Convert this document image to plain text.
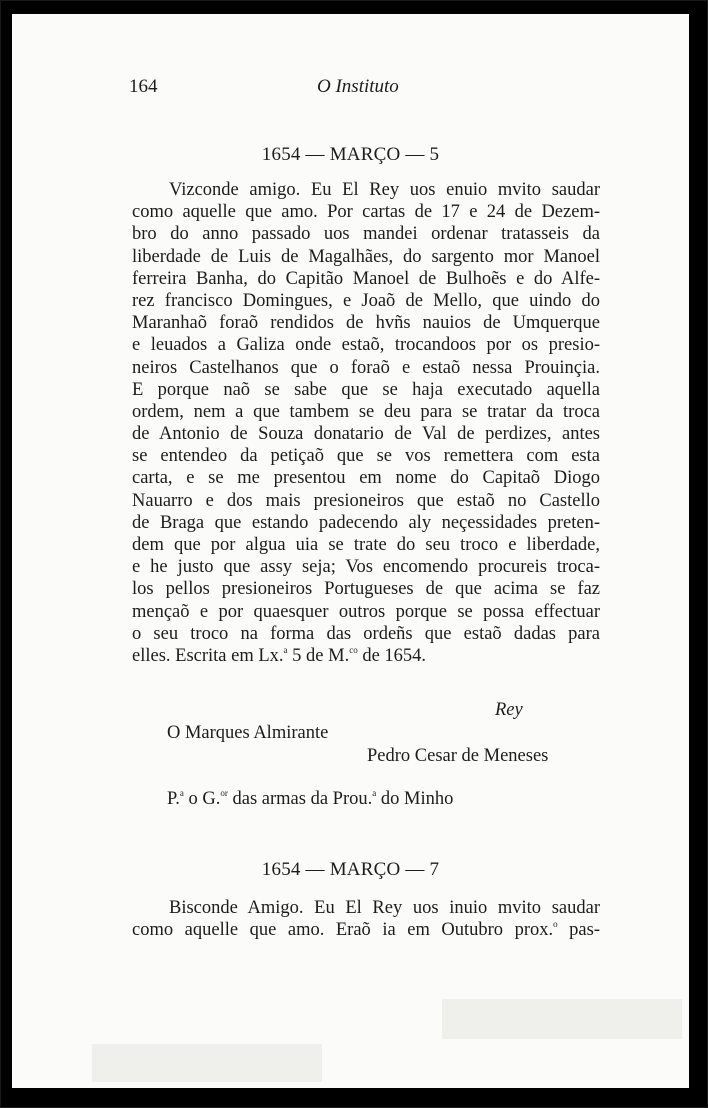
164	O Instituto
1654 — MARÇO — 5
Vizconde amigo. Eu El Rey uos enuio mvito saudar
como aquelle que amo. Por cartas de 17 e 24 de Dezem-
bro do anno passado uos mandei ordenar tratasseis da
liberdade de Luis de Magalhães, do sargento mor Manoel
ferreira Banha, do Capitão Manoel de Bulhoẽs e do Alfe-
rez francisco Domingues, e Joaõ de Mello, que uindo do
Maranhaõ foraõ rendidos de hvñs nauios de Umquerque
e leuados a Galiza onde estaõ, trocandoos por os presio-
neiros Castelhanos que o foraõ e estaõ nessa Prouinçia.
E porque naõ se sabe que se haja executado aquella
ordem, nem a que tambem se deu para se tratar da troca
de Antonio de Souza donatario de Val de perdizes, antes
se entendeo da petiçaõ que se vos remettera com esta
carta, e se me presentou em nome do Capitaõ Diogo
Nauarro e dos mais presioneiros que estaõ no Castello
de Braga que estando padecendo aly neçessidades preten-
dem que por algua uia se trate do seu troco e liberdade,
e he justo que assy seja; Vos encomendo procureis troca-
los pellos presioneiros Portugueses de que acima se faz
mençaõ e por quaesquer outros porque se possa effectuar
o seu troco na forma das ordeñs que estaõ dadas para
elles. Escrita em Lx.$^a$ 5 de M.$^{co}$ de 1654.
Rey
O Marques Almirante
Pedro Cesar de Meneses
P.$^a$ o G.$^{or}$ das armas da Prou.$^a$ do Minho
1654 — MARÇO — 7
Bisconde Amigo. Eu El Rey uos inuio mvito saudar
como aquelle que amo. Eraõ ia em Outubro prox.$^o$ pas-
